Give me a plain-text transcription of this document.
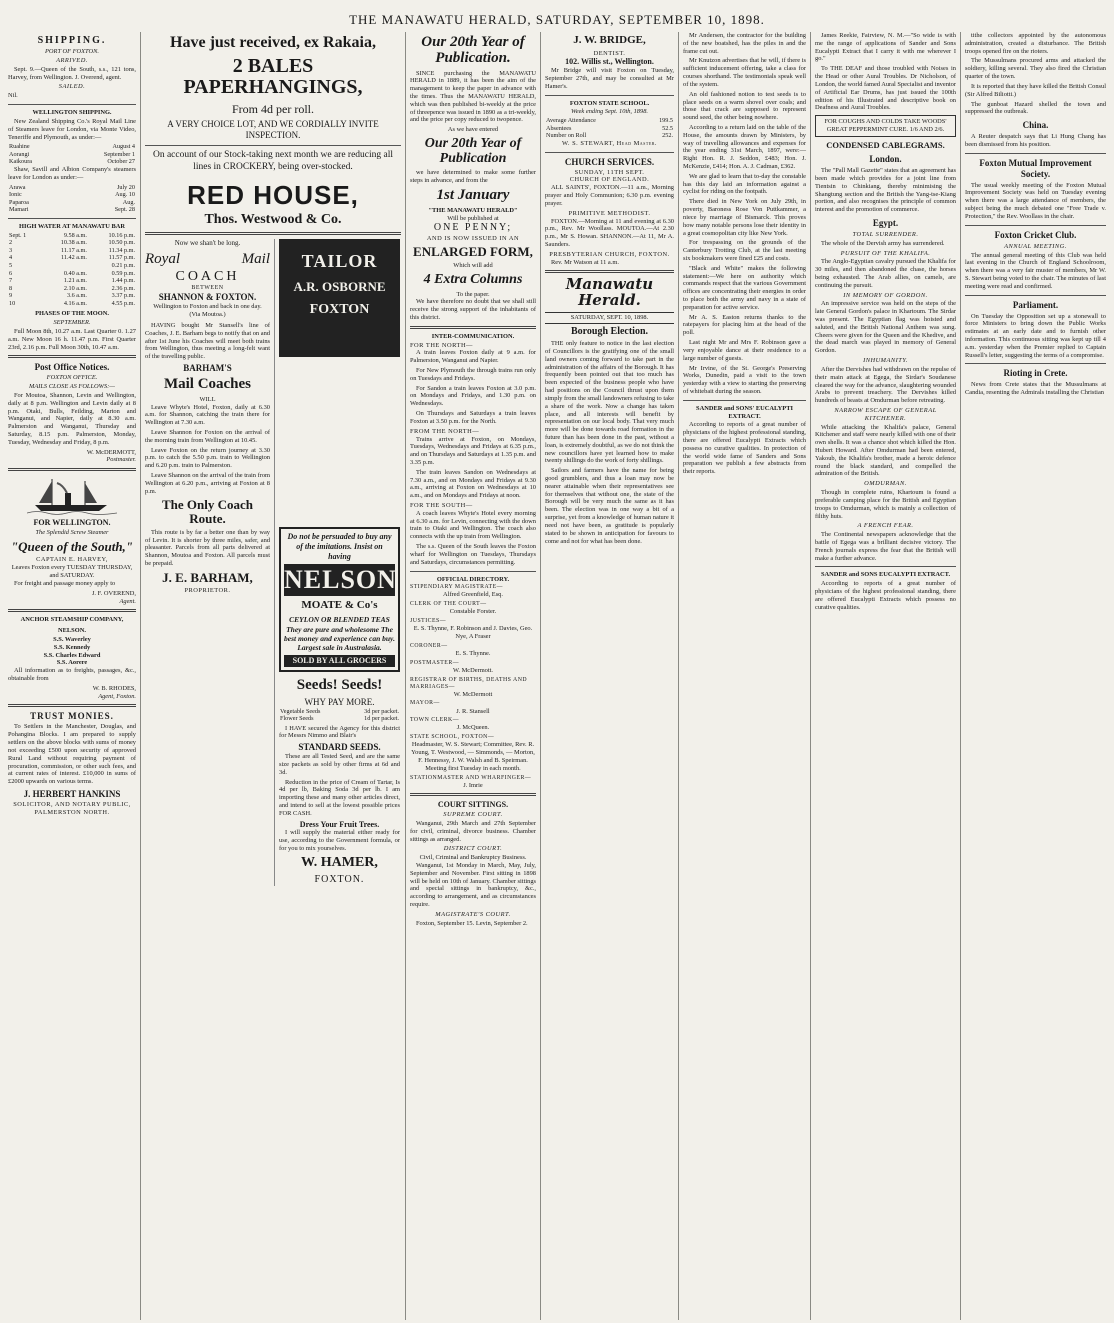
THE MANAWATU HERALD, SATURDAY, SEPTEMBER 10, 1898.
SHIPPING.
PORT OF FOXTON.
ARRIVED.

Sept. 9.—Queen of the South, s.s., 121 tons, Harvey, from Wellington. J. Overend, agent.

SAILED.

Nil.

WELLINGTON SHIPPING.

New Zealand Shipping Co.'s Royal Mail Line of Steamers leave for London, via Monte Video, Teneriffe and Plymouth, as under:—

Ruahine	August 4
Aorangi	September 1
Kaikoura	October 27

Shaw, Savill and Albion Company's steamers leave for London as under:—

Arawa	July 20
Ionic	Aug. 10
Paparoa	Aug.
Mamari	Sept. 28
HIGH WATER AT MANAWATU BAR
Sept. 1	9.58 a.m.	10.16 p.m.
2	10.38 a.m.	10.50 p.m.
3	11.17 a.m.	11.34 p.m.
4	11.42 a.m.	11.57 p.m.
5		0.21 p.m.
6	0.40 a.m.	0.59 p.m.
7	1.21 a.m.	1.44 p.m.
8	2.10 a.m.	2.36 p.m.
9	3.6 a.m.	3.37 p.m.
10	4.16 a.m.	4.55 p.m.
PHASES OF THE MOON.
SEPTEMBER.

Full Moon 8th, 10.27 a.m. Last Quarter 0. 1.27 a.m. New Moon 16 h. 11.47 p.m. First Quarter 23rd, 2.16 p.m. Full Moon 30th, 10.47 a.m.

Post Office Notices.
FOXTON OFFICE.
MAILS CLOSE AS FOLLOWS:—

For Moutoa, Shannon, Levin and Wellington, daily at 8 p.m. Wellington and Levin daily at 8 p.m. Otaki, Bulls, Feilding, Marton and Wanganui, and Napier, daily at 8.30 a.m. Palmerston and Wanganui, Thursday and Saturday, 8.15 p.m. Palmerston, Monday, Tuesday, Wednesday and Friday, 8 p.m.

W. McDERMOTT,
Postmaster.
FOR WELLINGTON.
The Splendid Screw Steamer
"Queen of the South,"
CAPTAIN E. HARVEY,
Leaves Foxton every TUESDAY THURSDAY, and SATURDAY.

For freight and passage money apply to

J. F. OVEREND,
Agent.
ANCHOR STEAMSHIP COMPANY,
NELSON.
S.S. Waverley
S.S. Kennedy
S.S. Charles Edward
S.S. Aorere

All information as to freights, passages, &c., obtainable from

W. B. RHODES,
Agent, Foxton.
TRUST MONIES.

To Settlers in the Manchester, Douglas, and Pohangina Blocks. I am prepared to supply settlers on the above blocks with sums of money not exceeding £500 upon security of approved Rural Land without requiring payment of procuration, commission, or other such fees, and at current rates of interest. £10,000 in sums of £2000 upwards on various terms.

J. HERBERT HANKINS
SOLICITOR, AND NOTARY PUBLIC, PALMERSTON NORTH.
Have just received, ex Rakaia,
2 BALES PAPERHANGINGS,
From 4d per roll.
A VERY CHOICE LOT, AND WE CORDIALLY INVITE INSPECTION.
On account of our Stock-taking next month we are reducing all lines in CROCKERY, being over-stocked.
RED HOUSE,
Thos. Westwood & Co.
Now we shan't be long.
Royal	Mail
COACH
BETWEEN
SHANNON & FOXTON.
Wellington to Foxton and back in one day.
(Via Moutoa.)

HAVING bought Mr Stansell's line of Coaches, J. E. Barham begs to notify that on and after 1st June his Coaches will meet both trains from Wellington, thus meeting a long-felt want of the travelling public.

BARHAM'S
Mail Coaches
WILL

Leave Whyte's Hotel, Foxton, daily at 6.30 a.m. for Shannon, catching the train there for Wellington at 7.30 a.m.

Leave Shannon for Foxton on the arrival of the morning train from Wellington at 10.45.

Leave Foxton on the return journey at 3.30 p.m. to catch the 5.50 p.m. train to Wellington and 6.20 p.m. train to Palmerston.

Leave Shannon on the arrival of the train from Wellington at 6.20 p.m., arriving at Foxton at 8 p.m.

The Only Coach Route.

This route is by far a better one than by way of Levin. It is shorter by three miles, safer, and pleasanter. Parcels from all parts delivered at Shannon, Moutoa and Foxton. All parcels must be prepaid.

J. E. BARHAM,
PROPRIETOR.
TAILOR
A.R. OSBORNE
FOXTON
Do not be persuaded to buy any of the imitations. Insist on having
NELSON
MOATE & Co's
CEYLON OR BLENDED TEAS They are pure and wholesome The best money and experience can buy. Largest sale in Australasia.
SOLD BY ALL GROCERS
Seeds! Seeds!
WHY PAY MORE.
Vegetable Seeds	3d per packet.
Flower Seeds	1d per packet.

I HAVE secured the Agency for this district for Messrs Nimmo and Blair's

STANDARD SEEDS.

These are all Tested Seed, and are the same size packets as sold by other firms at 6d and 3d.

Reduction in the price of Cream of Tartar, Is 4d per lb, Baking Soda 3d per lb. I am importing these and many other articles direct, and intend to sell at the lowest possible prices FOR CASH.

Dress Your Fruit Trees.

I will supply the material either ready for use, according to the Government formula, or for you to mix yourselves.

W. HAMER,
FOXTON.
Our 20th Year of Publication.

SINCE purchasing the MANAWATU HERALD in 1889, it has been the aim of the management to keep the paper in advance with the times. Thus the MANAWATU HERALD, which was then published bi-weekly at the price of threepence was issued in 1890 as a tri-weekly, and the price per copy reduced to twopence.

As we have entered
Our 20th Year of Publication

we have determined to make some further steps in advance, and from the

1st January
"THE MANAWATU HERALD"
Will be published at
ONE PENNY;
AND IS NOW ISSUED IN AN
ENLARGED FORM,
Which will add
4 Extra Columns
To the paper.

We have therefore no doubt that we shall still receive the strong support of the inhabitants of this district.

INTER-COMMUNICATION.
FOR THE NORTH—

A train leaves Foxton daily at 9 a.m. for Palmerston, Wanganui and Napier.

For New Plymouth the through trains run only on Tuesdays and Fridays.

For Sandon a train leaves Foxton at 3.0 p.m. on Mondays and Fridays, and 1.30 p.m. on Wednesdays.

On Thursdays and Saturdays a train leaves Foxton at 3.50 p.m. for the North.

FROM THE NORTH—

Trains arrive at Foxton, on Mondays, Tuesdays, Wednesdays and Fridays at 6.35 p.m., and on Thursdays and Saturdays at 1.35 p.m. and 3.35 p.m.

The train leaves Sandon on Wednesdays at 7.30 a.m., and on Mondays and Fridays at 9.30 a.m., arriving at Foxton on Wednesdays at 10 a.m., and on Mondays and Fridays at noon.

FOR THE SOUTH—

A coach leaves Whyte's Hotel every morning at 6.30 a.m. for Levin, connecting with the down train to Otaki and Wellington. The coach also connects with the up train from Wellington.

The s.s. Queen of the South leaves the Foxton wharf for Wellington on Tuesdays, Thursdays and Saturdays, circumstances permitting.

OFFICIAL DIRECTORY.
STIPENDIARY MAGISTRATE—
Alfred Greenfield, Esq.
CLERK OF THE COURT—
Constable Forster.
JUSTICES—
E. S. Thynne, F. Robinson and J. Davies, Geo. Nye, A Fraser
CORONER—
E. S. Thynne.
POSTMASTER—
W. McDermott.
REGISTRAR OF BIRTHS, DEATHS AND MARRIAGES—
W. McDermott
MAYOR—
J. R. Stansell
TOWN CLERK—
J. McQueen.
STATE SCHOOL, FOXTON—
Headmaster, W. S. Stewart; Committee, Rev. R. Young, T. Westwood, — Simmonds, — Morton, F. Hennessy, J. W. Walsh and B. Speirman. Meeting first Tuesday in each month.
STATIONMASTER AND WHARFINGER—
J. Imrie
COURT SITTINGS.
SUPREME COURT.

Wanganui, 29th March and 27th September for civil, criminal, divorce business. Chamber sittings as arranged.

DISTRICT COURT.
Civil, Criminal and Bankruptcy Business.

Wanganui, 1st Monday in March, May, July, September and November. First sitting in 1898 will be held on 10th of January. Chamber sittings and special sittings in bankruptcy, &c., according to arrangement, and as circumstances require.

MAGISTRATE'S COURT.

Foxton, September 15. Levin, September 2.

J. W. BRIDGE,
DENTIST.
102. Willis st., Wellington.

Mr Bridge will visit Foxton on Tuesday, September 27th, and may be consulted at Mr Hamer's.

FOXTON STATE SCHOOL.
Week ending Sept. 10th, 1898.
Average Attendance	199.5
Absentees	52.5
Number on Roll	252.
W. S. STEWART, Head Master.
CHURCH SERVICES.
SUNDAY, 11TH SEPT.
CHURCH OF ENGLAND.

ALL SAINTS', FOXTON.—11 a.m., Morning prayer and Holy Communion; 6.30 p.m. evening prayer.

PRIMITIVE METHODIST.

FOXTON.—Morning at 11 and evening at 6.30 p.m., Rev. Mr Woollass. MOUTOA.—At 2.30 p.m., Mr S. Howan. SHANNON.—At 11, Mr A. Saunders.

PRESBYTERIAN CHURCH, FOXTON.

Rev. Mr Watson at 11 a.m.

Manawatu Herald.
SATURDAY, SEPT. 10, 1898.
Borough Election.

THE only feature to notice in the last election of Councillors is the gratifying one of the small land owners coming forward to take part in the administration of the affairs of the Borough. It has frequently been pointed out that too much has been expected of the business people who have had positions on the Council thrust upon them simply from the small landowners refusing to take a share of the work. Now a change has taken place, and all interests will benefit by representation on our local body. That very much more will be done towards road formation in the future than has been done in the past, without a loan, is extremely doubtful, as we do not think the new councillors have yet learned how to make twenty shillings do the work of forty shillings.

Sailors and farmers have the name for being good grumblers, and thus a loan may now be nearer attainable when their representatives see for themselves that without one, the state of the Borough will be very much the same as it has been. The election was in one way a bit of a surprise, yet from a knowledge of human nature it need not have been, as gratitude is popularly stated to be shown in anticipation for favours to come and not for what has been done.

Mr Andersen, the contractor for the building of the new boatshed, has the piles in and the frame cut out.

Mr Knutzon advertises that he will, if there is sufficient inducement offering, take a class for courses shorthand. The testimonials speak well of the system.

An old fashioned notion to test seeds is to place seeds on a warm shovel over coals; and those that crack are supposed to represent sound seed, the other being nowhere.

According to a return laid on the table of the House, the amounts drawn by Ministers, by way of travelling allowances and expenses for the year ending 31st March, 1897, were:—Right Hon. R. J. Seddon, £483; Hon. J. McKenzie, £414; Hon. A. J. Cadman, £362.

We are glad to learn that to-day the constable has this day laid an information against a cyclist for riding on the footpath.

There died in New York on July 29th, in poverty, Baroness Rose Von Puttkammer, a niece by marriage of Bismarck. This proves how many notable persons lose their identity in a great cosmopolitan city like New York.

For trespassing on the grounds of the Canterbury Trotting Club, at the last meeting six bookmakers were fined £25 and costs.

"Black and White" makes the following statement:—We here on authority which commands respect that the various Government offices are concentrating their energies in order to place both the army and navy in a state of preparation for active service.

Mr A. S. Easton returns thanks to the ratepayers for placing him at the head of the poll.

Last night Mr and Mrs F. Robinson gave a very enjoyable dance at their residence to a large number of guests.

Mr Irvine, of the St. George's Preserving Works, Dunedin, paid a visit to the town yesterday with a view to starting the preserving of whitebait during the season.

SANDER and SONS' EUCALYPTI EXTRACT.

According to reports of a great number of physicians of the highest professional standing, there are offered Eucalypti Extracts which possess no curative qualities. In protection of the world wide fame of Sanders and Sons preparation we publish a few abstracts from their reports.

James Reekie, Fairview, N. M.—"So wide is with me the range of applications of Sander and Sons Eucalypti Extract that I carry it with me wherever I go."

To THE DEAF and those troubled with Noises in the Head or other Aural Troubles. Dr Nicholson, of London, the world famed Aural Specialist and inventor of Artificial Ear Drums, has just issued the 100th edition of his Illustrated and descriptive book on Deafness and Aural Troubles.

FOR COUGHS AND COLDS TAKE WOODS' GREAT PEPPERMINT CURE. 1/6 AND 2/6.
CONDENSED CABLEGRAMS.
London.

The "Pall Mall Gazette" states that an agreement has been made which provides for a joint line from Tientsin to Chinkiang, thereby minimising the Shangtung section and the British the Yang-tse-Kiang portion, and also recognises the principle of common interest and the promotion of commerce.

Egypt.
TOTAL SURRENDER.

The whole of the Dervish army has surrendered.

PURSUIT OF THE KHALIFA.

The Anglo-Egyptian cavalry pursued the Khalifa for 30 miles, and then abandoned the chase, the horses being exhausted. The Arab allies, on camels, are continuing the pursuit.

IN MEMORY OF GORDON.

An impressive service was held on the steps of the late General Gordon's palace in Khartoum. The Sirdar was present. The Egyptian flag was hoisted and saluted, and the British National Anthem was sung. Cheers were given for the Queen and the Khedive, and the dead march was played in memory of General Gordon.

INHUMANITY.

After the Dervishes had withdrawn on the repulse of their main attack at Egega, the Sirdar's Soudanese cleared the way for the advance, slaughtering wounded Arabs to prevent treachery. The Dervishes killed hundreds of beasts at Omdurman before retreating.

NARROW ESCAPE OF GENERAL KITCHENER.

While attacking the Khalifa's palace, General Kitchener and staff were nearly killed with one of their own shells. It was a chance shot which killed the Hon. Hubert Howard. After Omdurman had been entered, Yakoub, the Khalifa's brother, made a heroic defence round the black standard, and compelled the admiration of the British.

OMDURMAN.

Though in complete ruins, Khartoum is found a preferable camping place for the British and Egyptian troops to Omdurman, which is mainly a collection of filthy huts.

A FRENCH FEAR.

The Continental newspapers acknowledge that the battle of Egega was a brilliant decisive victory. The French journals express the fear that the British will make a further advance.

SANDER and SONS EUCALYPTI EXTRACT.

According to reports of a great number of physicians of the highest professional standing, there are offered Eucalypti Extracts which possess no curative qualities.

tithe collectors appointed by the autonomous administration, created a disturbance. The British troops opened fire on the rioters.

The Mussulmans procured arms and attacked the soldiery, killing several. They also fired the Christian quarter of the town.

It is reported that they have killed the British Consul (Sir Alfred Biliotti.)

The gunboat Hazard shelled the town and suppressed the outbreak.

China.

A Reuter despatch says that Li Hung Chang has been dismissed from his position.

Foxton Mutual Improvement Society.

The usual weekly meeting of the Foxton Mutual Improvement Society was held on Tuesday evening when there was a large attendance of members, the subject being the much debated one "Free Trade v. Protection," the Rev. Woollass in the chair.

Foxton Cricket Club.
ANNUAL MEETING.

The annual general meeting of this Club was held last evening in the Church of England Schoolroom, when there was a very fair muster of members, Mr W. S. Stewart being voted to the chair. The minutes of last meeting were read and confirmed.

Parliament.

On Tuesday the Opposition set up a stonewall to force Ministers to bring down the Public Works estimates at an early date and to furnish other information. This continuous sitting was kept up till 4 a.m. yesterday when the Premier replied to Captain Russell's letter, suggesting the terms of a compromise.

Rioting in Crete.

News from Crete states that the Mussulmans at Candia, resenting the Admirals installing the Christian
